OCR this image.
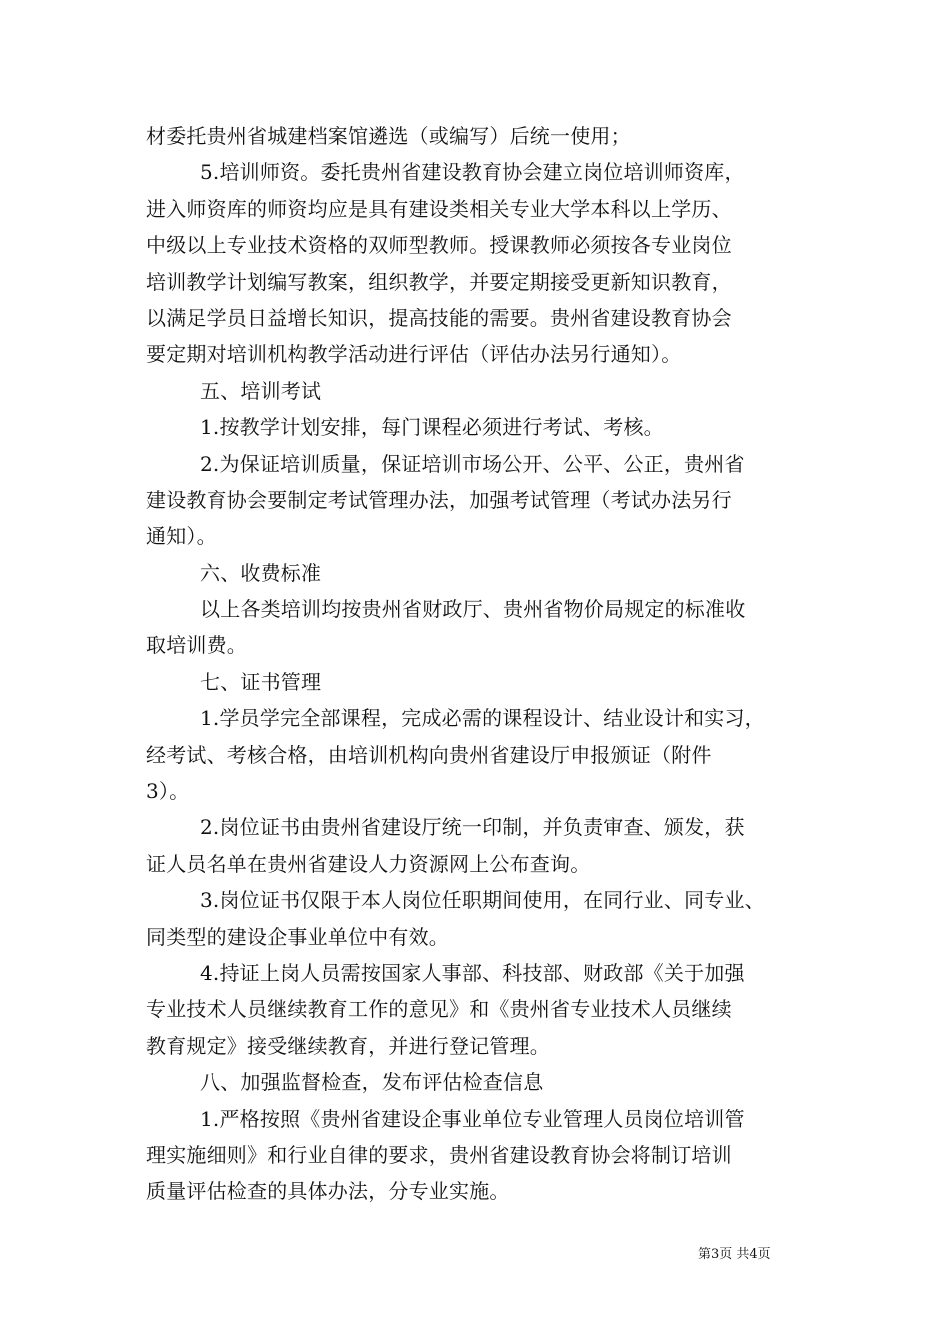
材委托贵州省城建档案馆遴选（或编写）后统一使用；
5.培训师资。委托贵州省建设教育协会建立岗位培训师资库，
进入师资库的师资均应是具有建设类相关专业大学本科以上学历、
中级以上专业技术资格的双师型教师。授课教师必须按各专业岗位
培训教学计划编写教案，组织教学，并要定期接受更新知识教育，
以满足学员日益增长知识，提高技能的需要。贵州省建设教育协会
要定期对培训机构教学活动进行评估（评估办法另行通知）。
五、培训考试
1.按教学计划安排，每门课程必须进行考试、考核。
2.为保证培训质量，保证培训市场公开、公平、公正，贵州省
建设教育协会要制定考试管理办法，加强考试管理（考试办法另行
通知）。
六、收费标准
以上各类培训均按贵州省财政厅、贵州省物价局规定的标准收
取培训费。
七、证书管理
1.学员学完全部课程，完成必需的课程设计、结业设计和实习，
经考试、考核合格，由培训机构向贵州省建设厅申报颁证（附件
3）。
2.岗位证书由贵州省建设厅统一印制，并负责审查、颁发，获
证人员名单在贵州省建设人力资源网上公布查询。
3.岗位证书仅限于本人岗位任职期间使用，在同行业、同专业、
同类型的建设企事业单位中有效。
4.持证上岗人员需按国家人事部、科技部、财政部《关于加强
专业技术人员继续教育工作的意见》和《贵州省专业技术人员继续
教育规定》接受继续教育，并进行登记管理。
八、加强监督检查，发布评估检查信息
1.严格按照《贵州省建设企事业单位专业管理人员岗位培训管
理实施细则》和行业自律的要求，贵州省建设教育协会将制订培训
质量评估检查的具体办法，分专业实施。
第3页 共4页
